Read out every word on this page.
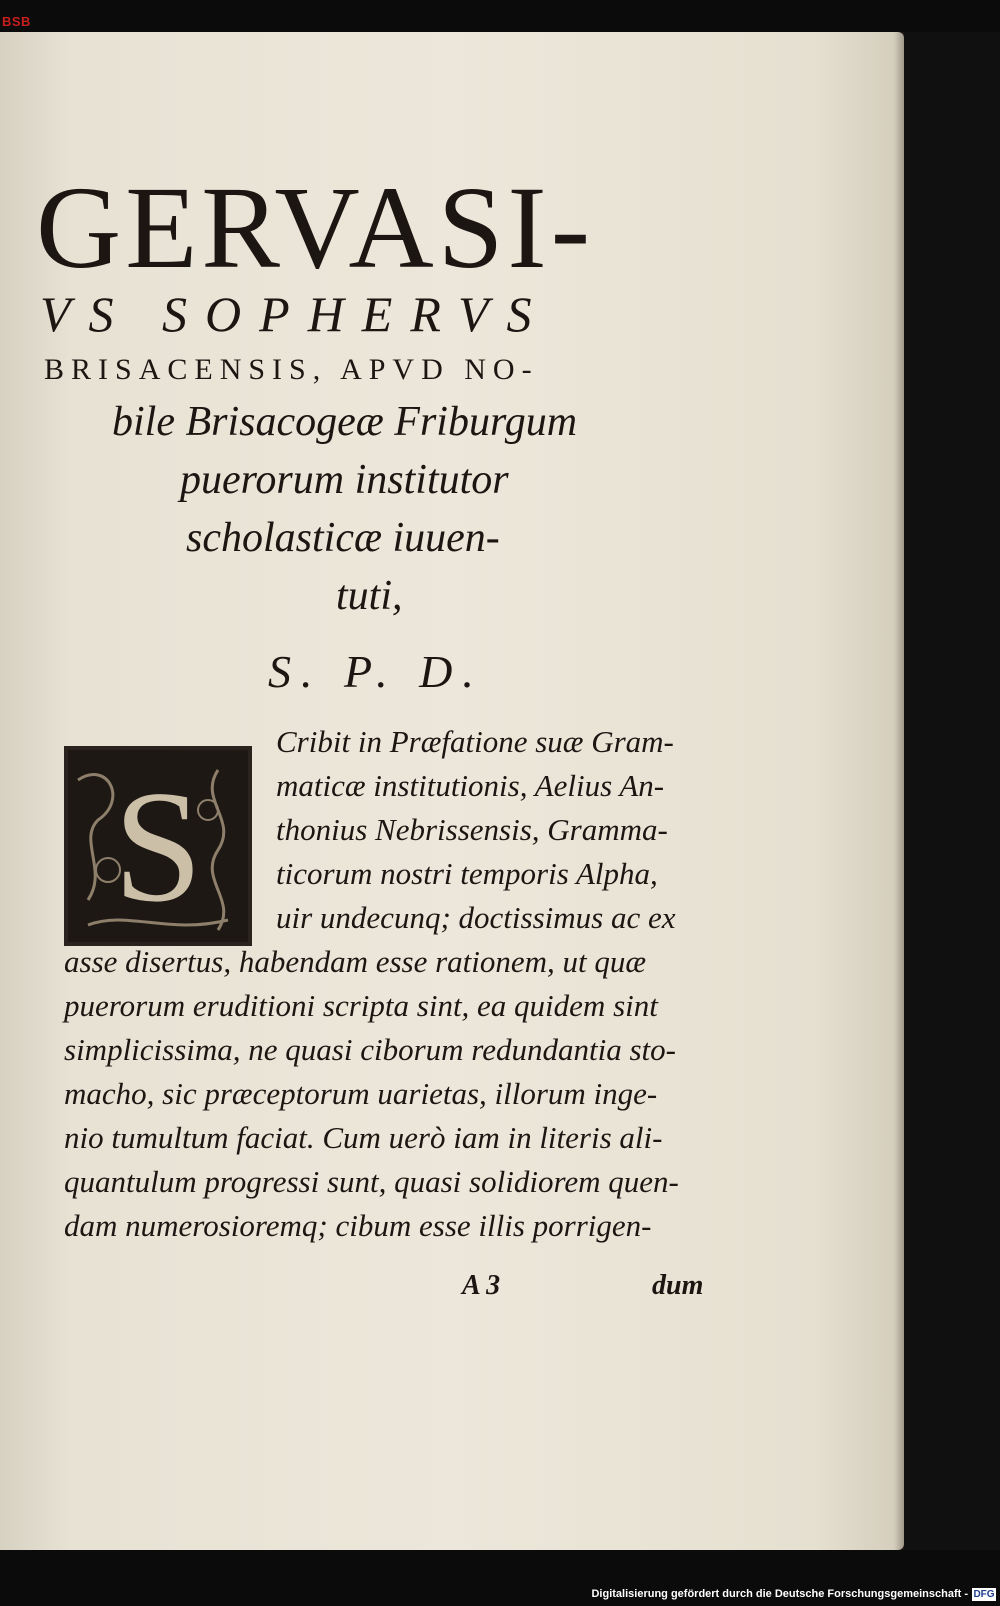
BSB
GERVASI-
VS SOPHERVS
BRISACENSIS, APVD NO-
bile Brisacogeæ Friburgum
puerorum institutor
scholasticæ iuuen-
tuti,
S. P. D.
S
Cribit in Præfatione suæ Gram-
maticæ institutionis, Aelius An-
thonius Nebrissensis, Gramma-
ticorum nostri temporis Alpha,
uir undecunq; doctissimus ac ex
asse disertus, habendam esse rationem, ut quæ
puerorum eruditioni scripta sint, ea quidem sint
simplicissima, ne quasi ciborum redundantia sto-
macho, sic præceptorum uarietas, illorum inge-
nio tumultum faciat. Cum uerò iam in literis ali-
quantulum progressi sunt, quasi solidiorem quen-
dam numerosioremq; cibum esse illis porrigen-
A 3	dum
Digitalisierung gefördert durch die Deutsche Forschungsgemeinschaft - DFG
